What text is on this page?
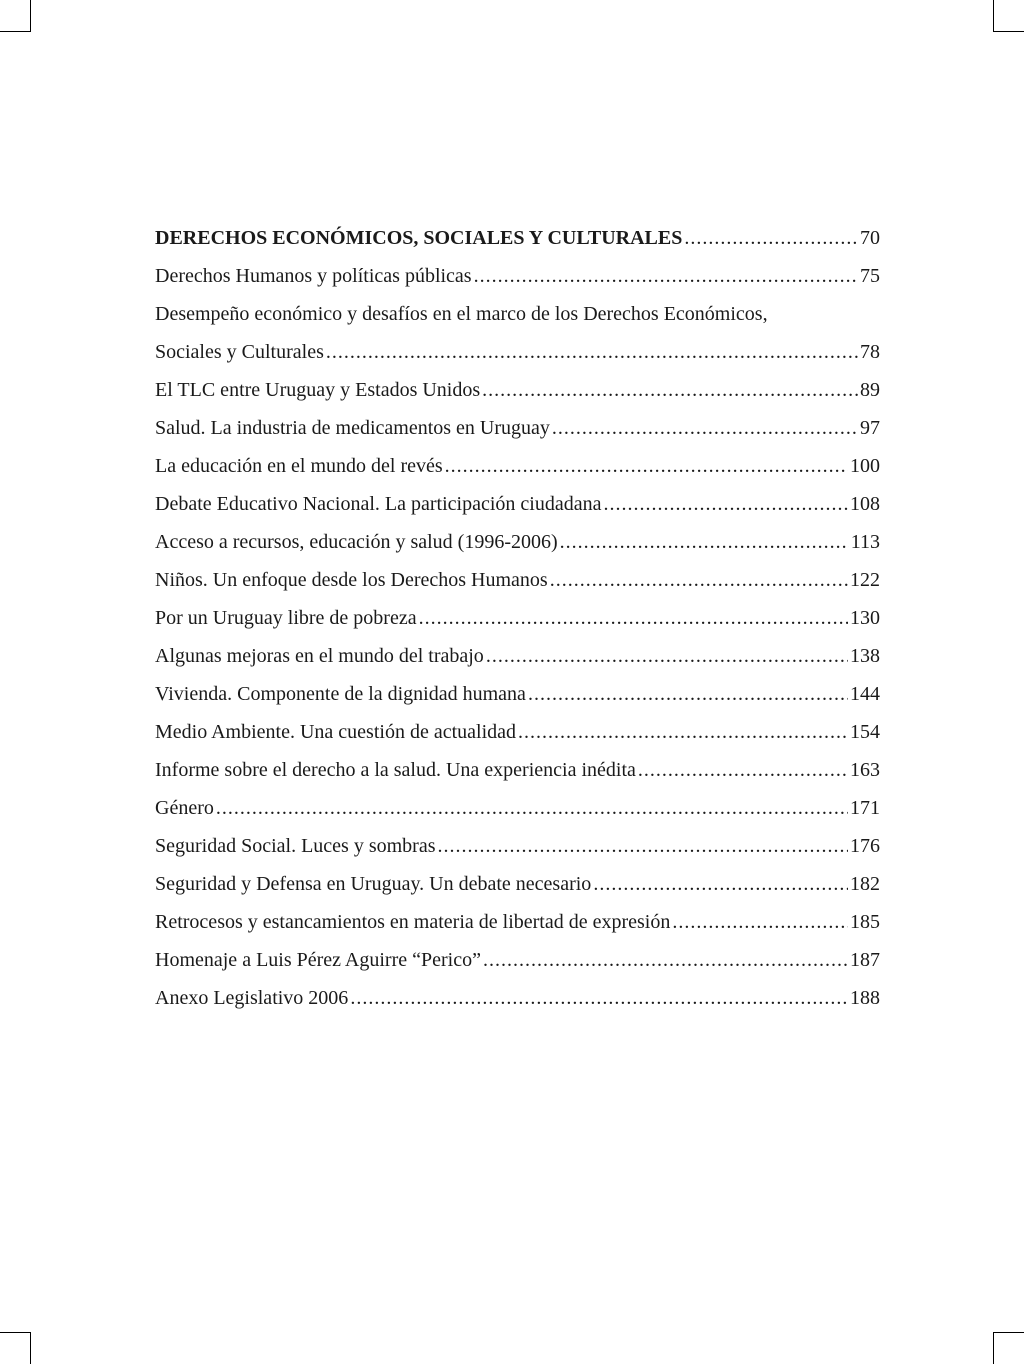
DERECHOS ECONÓMICOS, SOCIALES Y CULTURALES .....	70
Derechos Humanos y políticas públicas .....	75
Desempeño económico y desafíos en el marco de los Derechos Económicos,
Sociales y Culturales .....	78
El TLC entre Uruguay y Estados Unidos .....	89
Salud. La industria de medicamentos en Uruguay .....	97
La educación en el mundo del revés .....	100
Debate Educativo Nacional. La participación ciudadana .....	108
Acceso a recursos, educación y salud (1996-2006) .....	113
Niños. Un enfoque desde los Derechos Humanos .....	122
Por un Uruguay libre de pobreza .....	130
Algunas mejoras en el mundo del trabajo .....	138
Vivienda. Componente de la dignidad humana .....	144
Medio Ambiente. Una cuestión de actualidad .....	154
Informe sobre el derecho a la salud. Una experiencia inédita .....	163
Género .....	171
Seguridad Social. Luces y sombras .....	176
Seguridad y Defensa en Uruguay. Un debate necesario .....	182
Retrocesos y estancamientos en materia de libertad de expresión .....	185
Homenaje a Luis Pérez Aguirre “Perico” .....	187
Anexo Legislativo 2006 .....	188
